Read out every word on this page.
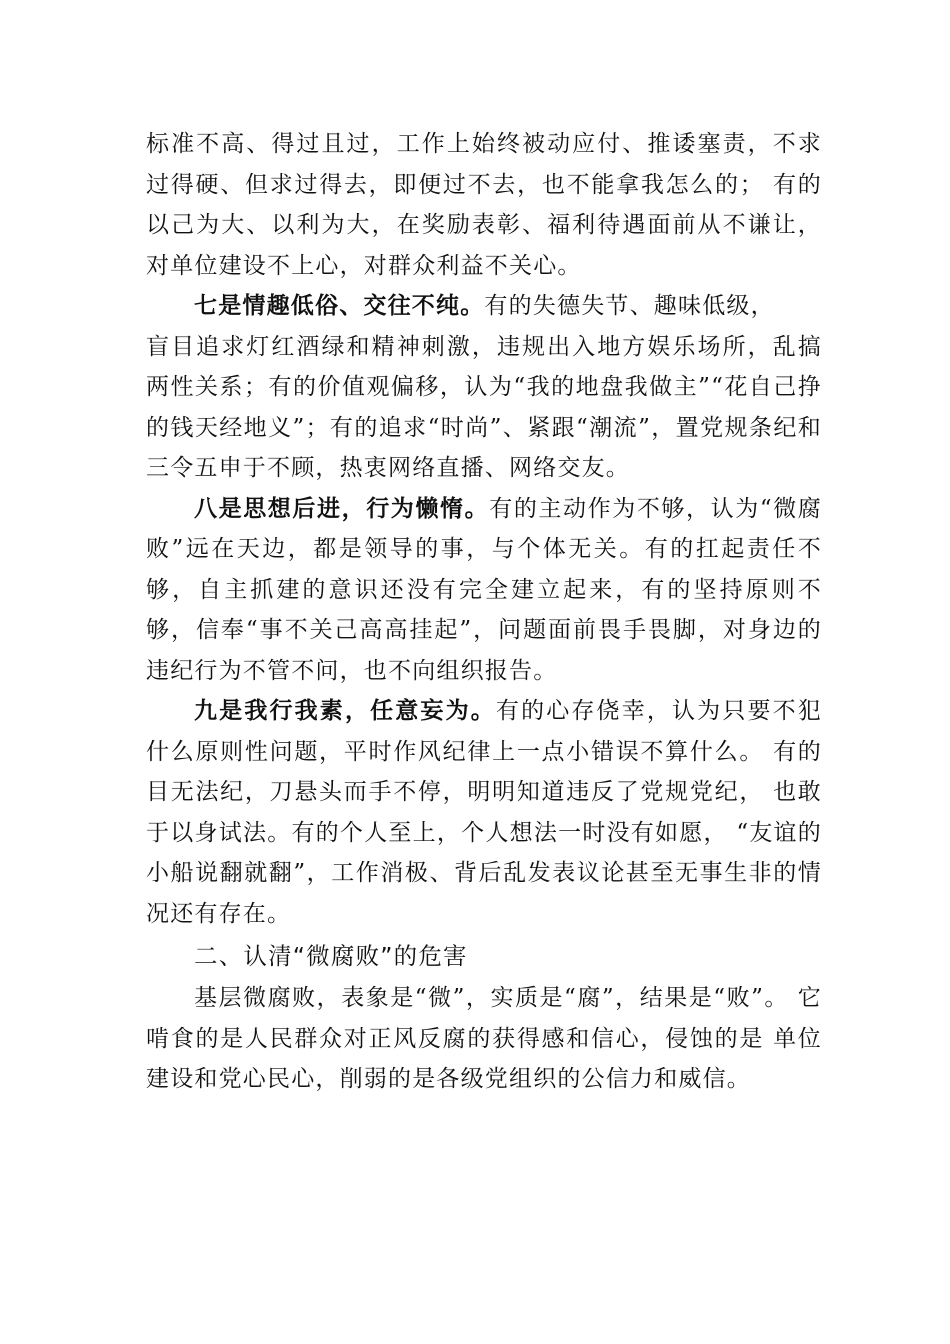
标准不高、得过且过，工作上始终被动应付、推诿塞责，不求过得硬、但求过得去，即便过不去，也不能拿我怎么的； 有的以己为大、以利为大，在奖励表彰、福利待遇面前从不谦让，对单位建设不上心，对群众利益不关心。

七是情趣低俗、交往不纯。有的失德失节、趣味低级，
盲目追求灯红酒绿和精神刺激，违规出入地方娱乐场所，乱搞两性关系；有的价值观偏移，认为“我的地盘我做主”“花自己挣的钱天经地义”；有的追求“时尚”、紧跟“潮流”，置党规条纪和三令五申于不顾，热衷网络直播、网络交友。

八是思想后进，行为懒惰。有的主动作为不够，认为“微腐败”远在天边，都是领导的事，与个体无关。有的扛起责任不够，自主抓建的意识还没有完全建立起来，有的坚持原则不够，信奉“事不关己高高挂起”，问题面前畏手畏脚，对身边的违纪行为不管不问，也不向组织报告。

九是我行我素，任意妄为。有的心存侥幸，认为只要不犯什么原则性问题，平时作风纪律上一点小错误不算什么。 有的目无法纪，刀悬头而手不停，明明知道违反了党规党纪， 也敢于以身试法。有的个人至上，个人想法一时没有如愿， “友谊的小船说翻就翻”，工作消极、背后乱发表议论甚至无事生非的情况还有存在。

二、认清“微腐败”的危害

基层微腐败，表象是“微”，实质是“腐”，结果是“败”。 它啃食的是人民群众对正风反腐的获得感和信心，侵蚀的是 单位建设和党心民心，削弱的是各级党组织的公信力和威信。
